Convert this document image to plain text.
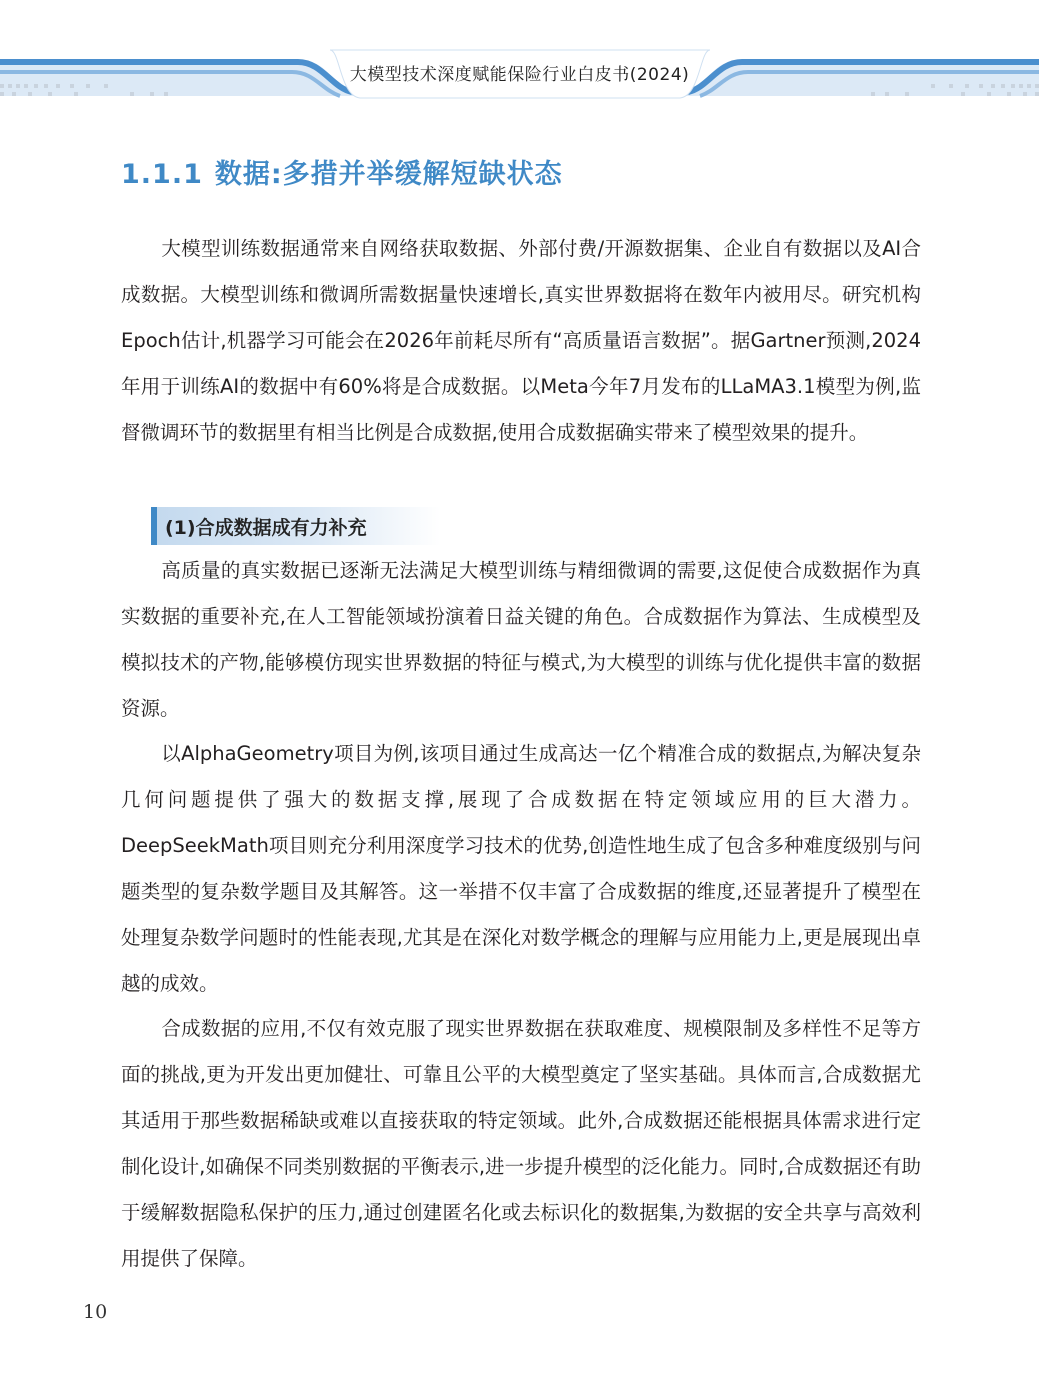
大模型技术深度赋能保险行业白皮书(2024)
1.1.1 数据:多措并举缓解短缺状态

大模型训练数据通常来自网络获取数据、外部付费/开源数据集、企业自有数据以及AI合成数据。大模型训练和微调所需数据量快速增长,真实世界数据将在数年内被用尽。研究机构Epoch估计,机器学习可能会在2026年前耗尽所有“高质量语言数据”。据Gartner预测,2024年用于训练AI的数据中有60%将是合成数据。以Meta今年7月发布的LLaMA3.1模型为例,监督微调环节的数据里有相当比例是合成数据,使用合成数据确实带来了模型效果的提升。

(1)合成数据成有力补充

高质量的真实数据已逐渐无法满足大模型训练与精细微调的需要,这促使合成数据作为真实数据的重要补充,在人工智能领域扮演着日益关键的角色。合成数据作为算法、生成模型及模拟技术的产物,能够模仿现实世界数据的特征与模式,为大模型的训练与优化提供丰富的数据资源。

以AlphaGeometry项目为例,该项目通过生成高达一亿个精准合成的数据点,为解决复杂几何问题提供了强大的数据支撑,展现了合成数据在特定领域应用的巨大潜力。DeepSeekMath项目则充分利用深度学习技术的优势,创造性地生成了包含多种难度级别与问题类型的复杂数学题目及其解答。这一举措不仅丰富了合成数据的维度,还显著提升了模型在处理复杂数学问题时的性能表现,尤其是在深化对数学概念的理解与应用能力上,更是展现出卓越的成效。

合成数据的应用,不仅有效克服了现实世界数据在获取难度、规模限制及多样性不足等方面的挑战,更为开发出更加健壮、可靠且公平的大模型奠定了坚实基础。具体而言,合成数据尤其适用于那些数据稀缺或难以直接获取的特定领域。此外,合成数据还能根据具体需求进行定制化设计,如确保不同类别数据的平衡表示,进一步提升模型的泛化能力。同时,合成数据还有助于缓解数据隐私保护的压力,通过创建匿名化或去标识化的数据集,为数据的安全共享与高效利用提供了保障。

10
